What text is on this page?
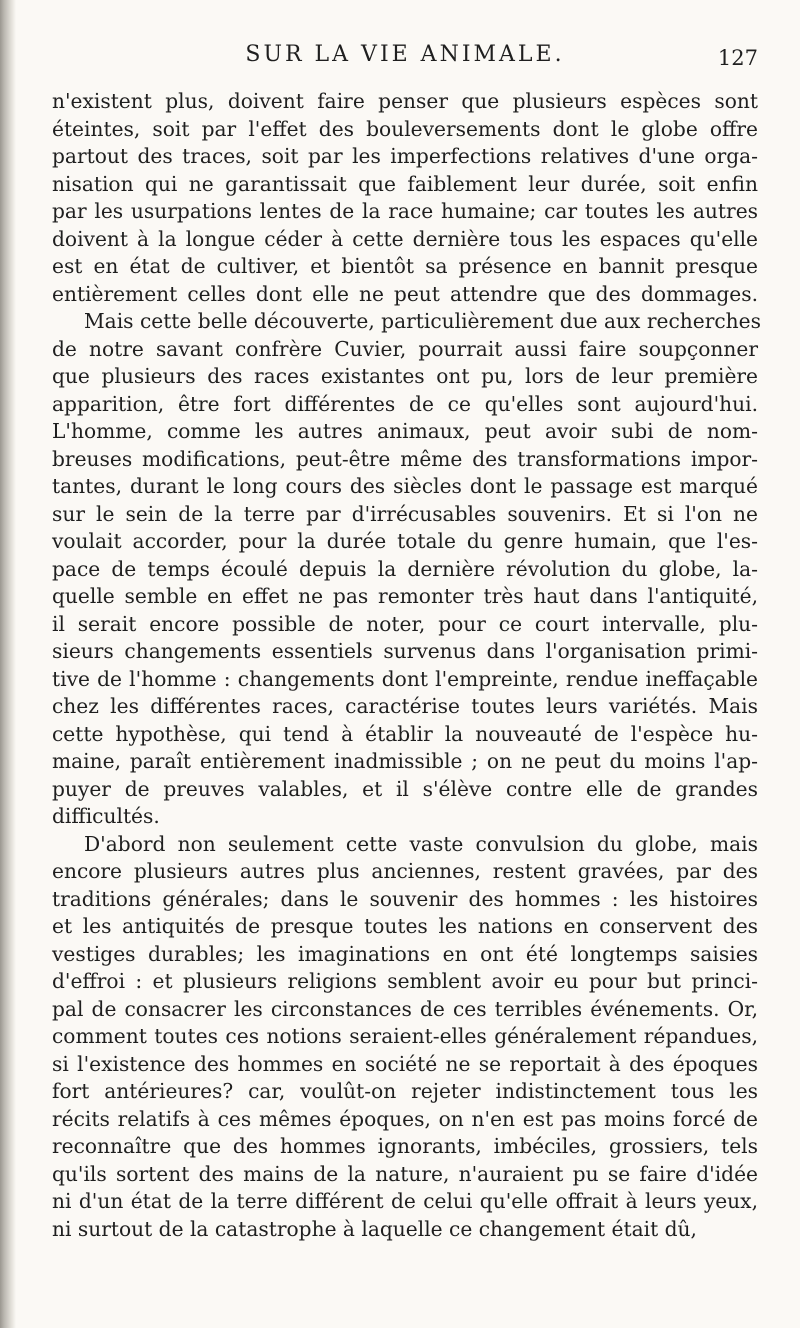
SUR LA VIE ANIMALE.	127
n'existent plus, doivent faire penser que plusieurs espèces sont
éteintes, soit par l'effet des bouleversements dont le globe offre
partout des traces, soit par les imperfections relatives d'une orga-
nisation qui ne garantissait que faiblement leur durée, soit enfin
par les usurpations lentes de la race humaine; car toutes les autres
doivent à la longue céder à cette dernière tous les espaces qu'elle
est en état de cultiver, et bientôt sa présence en bannit presque
entièrement celles dont elle ne peut attendre que des dommages.
Mais cette belle découverte, particulièrement due aux recherches
de notre savant confrère Cuvier, pourrait aussi faire soupçonner
que plusieurs des races existantes ont pu, lors de leur première
apparition, être fort différentes de ce qu'elles sont aujourd'hui.
L'homme, comme les autres animaux, peut avoir subi de nom-
breuses modifications, peut-être même des transformations impor-
tantes, durant le long cours des siècles dont le passage est marqué
sur le sein de la terre par d'irrécusables souvenirs. Et si l'on ne
voulait accorder, pour la durée totale du genre humain, que l'es-
pace de temps écoulé depuis la dernière révolution du globe, la-
quelle semble en effet ne pas remonter très haut dans l'antiquité,
il serait encore possible de noter, pour ce court intervalle, plu-
sieurs changements essentiels survenus dans l'organisation primi-
tive de l'homme : changements dont l'empreinte, rendue ineffaçable
chez les différentes races, caractérise toutes leurs variétés. Mais
cette hypothèse, qui tend à établir la nouveauté de l'espèce hu-
maine, paraît entièrement inadmissible ; on ne peut du moins l'ap-
puyer de preuves valables, et il s'élève contre elle de grandes
difficultés.
D'abord non seulement cette vaste convulsion du globe, mais
encore plusieurs autres plus anciennes, restent gravées, par des
traditions générales; dans le souvenir des hommes : les histoires
et les antiquités de presque toutes les nations en conservent des
vestiges durables; les imaginations en ont été longtemps saisies
d'effroi : et plusieurs religions semblent avoir eu pour but princi-
pal de consacrer les circonstances de ces terribles événements. Or,
comment toutes ces notions seraient-elles généralement répandues,
si l'existence des hommes en société ne se reportait à des époques
fort antérieures? car, voulût-on rejeter indistinctement tous les
récits relatifs à ces mêmes époques, on n'en est pas moins forcé de
reconnaître que des hommes ignorants, imbéciles, grossiers, tels
qu'ils sortent des mains de la nature, n'auraient pu se faire d'idée
ni d'un état de la terre différent de celui qu'elle offrait à leurs yeux,
ni surtout de la catastrophe à laquelle ce changement était dû,
